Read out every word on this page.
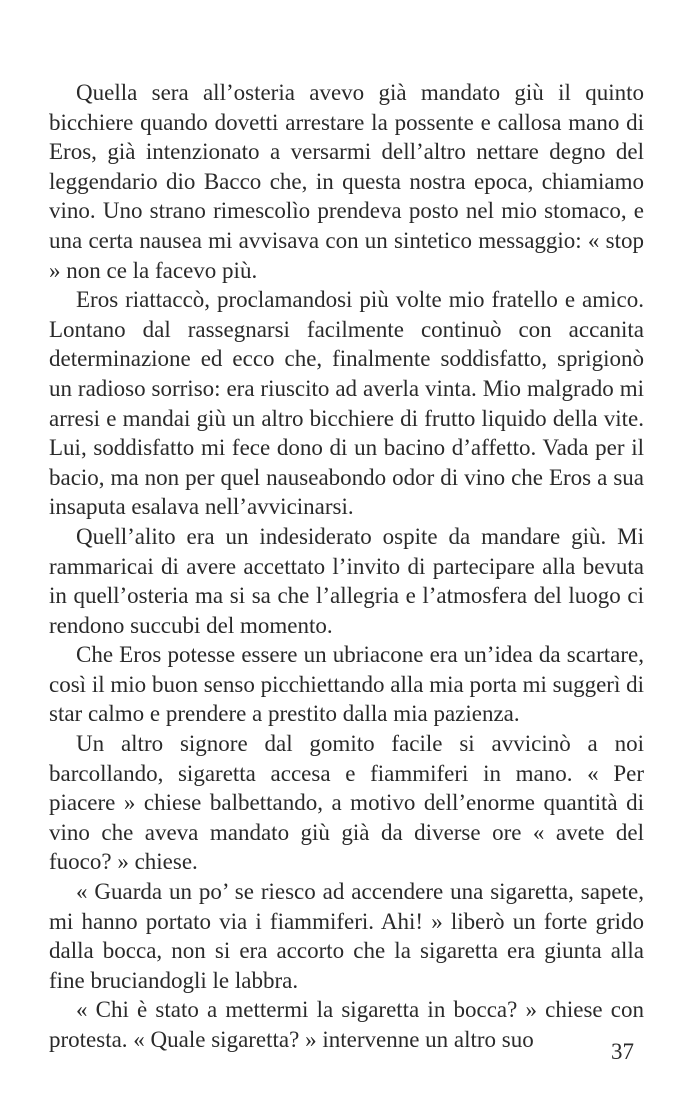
Quella sera all’osteria avevo già mandato giù il quinto bicchiere quando dovetti arrestare la possente e callosa mano di Eros, già intenzionato a versarmi dell’altro nettare degno del leggendario dio Bacco che, in questa nostra epoca, chiamiamo vino. Uno strano rimescolìo prendeva posto nel mio stomaco, e una certa nausea mi avvisava con un sintetico messaggio: « stop » non ce la facevo più.

Eros riattaccò, proclamandosi più volte mio fratello e amico. Lontano dal rassegnarsi facilmente continuò con accanita determinazione ed ecco che, finalmente soddisfatto, sprigionò un radioso sorriso: era riuscito ad averla vinta. Mio malgrado mi arresi e mandai giù un altro bicchiere di frutto liquido della vite. Lui, soddisfatto mi fece dono di un bacino d’affetto. Vada per il bacio, ma non per quel nauseabondo odor di vino che Eros a sua insaputa esalava nell’avvicinarsi.

Quell’alito era un indesiderato ospite da mandare giù. Mi rammaricai di avere accettato l’invito di partecipare alla bevuta in quell’osteria ma si sa che l’allegria e l’atmosfera del luogo ci rendono succubi del momento.

Che Eros potesse essere un ubriacone era un’idea da scartare, così il mio buon senso picchiettando alla mia porta mi suggerì di star calmo e prendere a prestito dalla mia pazienza.

Un altro signore dal gomito facile si avvicinò a noi barcollando, sigaretta accesa e fiammiferi in mano. « Per piacere » chiese balbettando, a motivo dell’enorme quantità di vino che aveva mandato giù già da diverse ore « avete del fuoco? » chiese.

« Guarda un po’ se riesco ad accendere una sigaretta, sapete, mi hanno portato via i fiammiferi. Ahi! » liberò un forte grido dalla bocca, non si era accorto che la sigaretta era giunta alla fine bruciandogli le labbra.

« Chi è stato a mettermi la sigaretta in bocca? » chiese con protesta. « Quale sigaretta? » intervenne un altro suo	37
